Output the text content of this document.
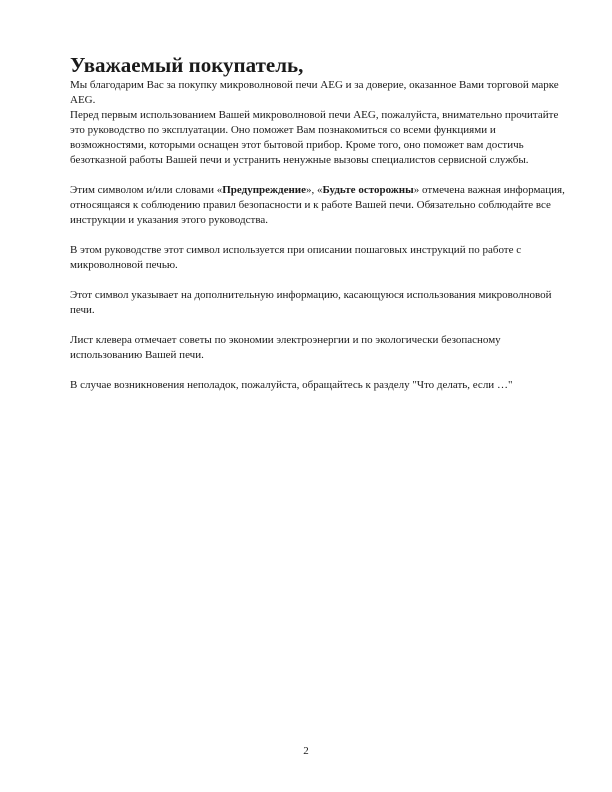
Уважаемый покупатель,

Мы благодарим Вас за покупку микроволновой печи AEG и за доверие, оказанное Вами торговой марке AEG.

Перед первым использованием Вашей микроволновой печи AEG, пожалуйста, внимательно прочитайте это руководство по эксплуатации. Оно поможет Вам познакомиться со всеми функциями и возможностями, которыми оснащен этот бытовой прибор. Кроме того, оно поможет вам достичь безотказной работы Вашей печи и устранить ненужные вызовы специалистов сервисной службы.

Этим символом и/или словами «Предупреждение», «Будьте осторожны» отмечена важная информация, относящаяся к соблюдению правил безопасности и к работе Вашей печи. Обязательно соблюдайте все инструкции и указания этого руководства.

В этом руководстве этот символ используется при описании пошаговых инструкций по работе с микроволновой печью.

Этот символ указывает на дополнительную информацию, касающуюся использования микроволновой печи.

Лист клевера отмечает советы по экономии электроэнергии и по экологически безопасному использованию Вашей печи.

В случае возникновения неполадок, пожалуйста, обращайтесь к разделу "Что делать, если …"

2
